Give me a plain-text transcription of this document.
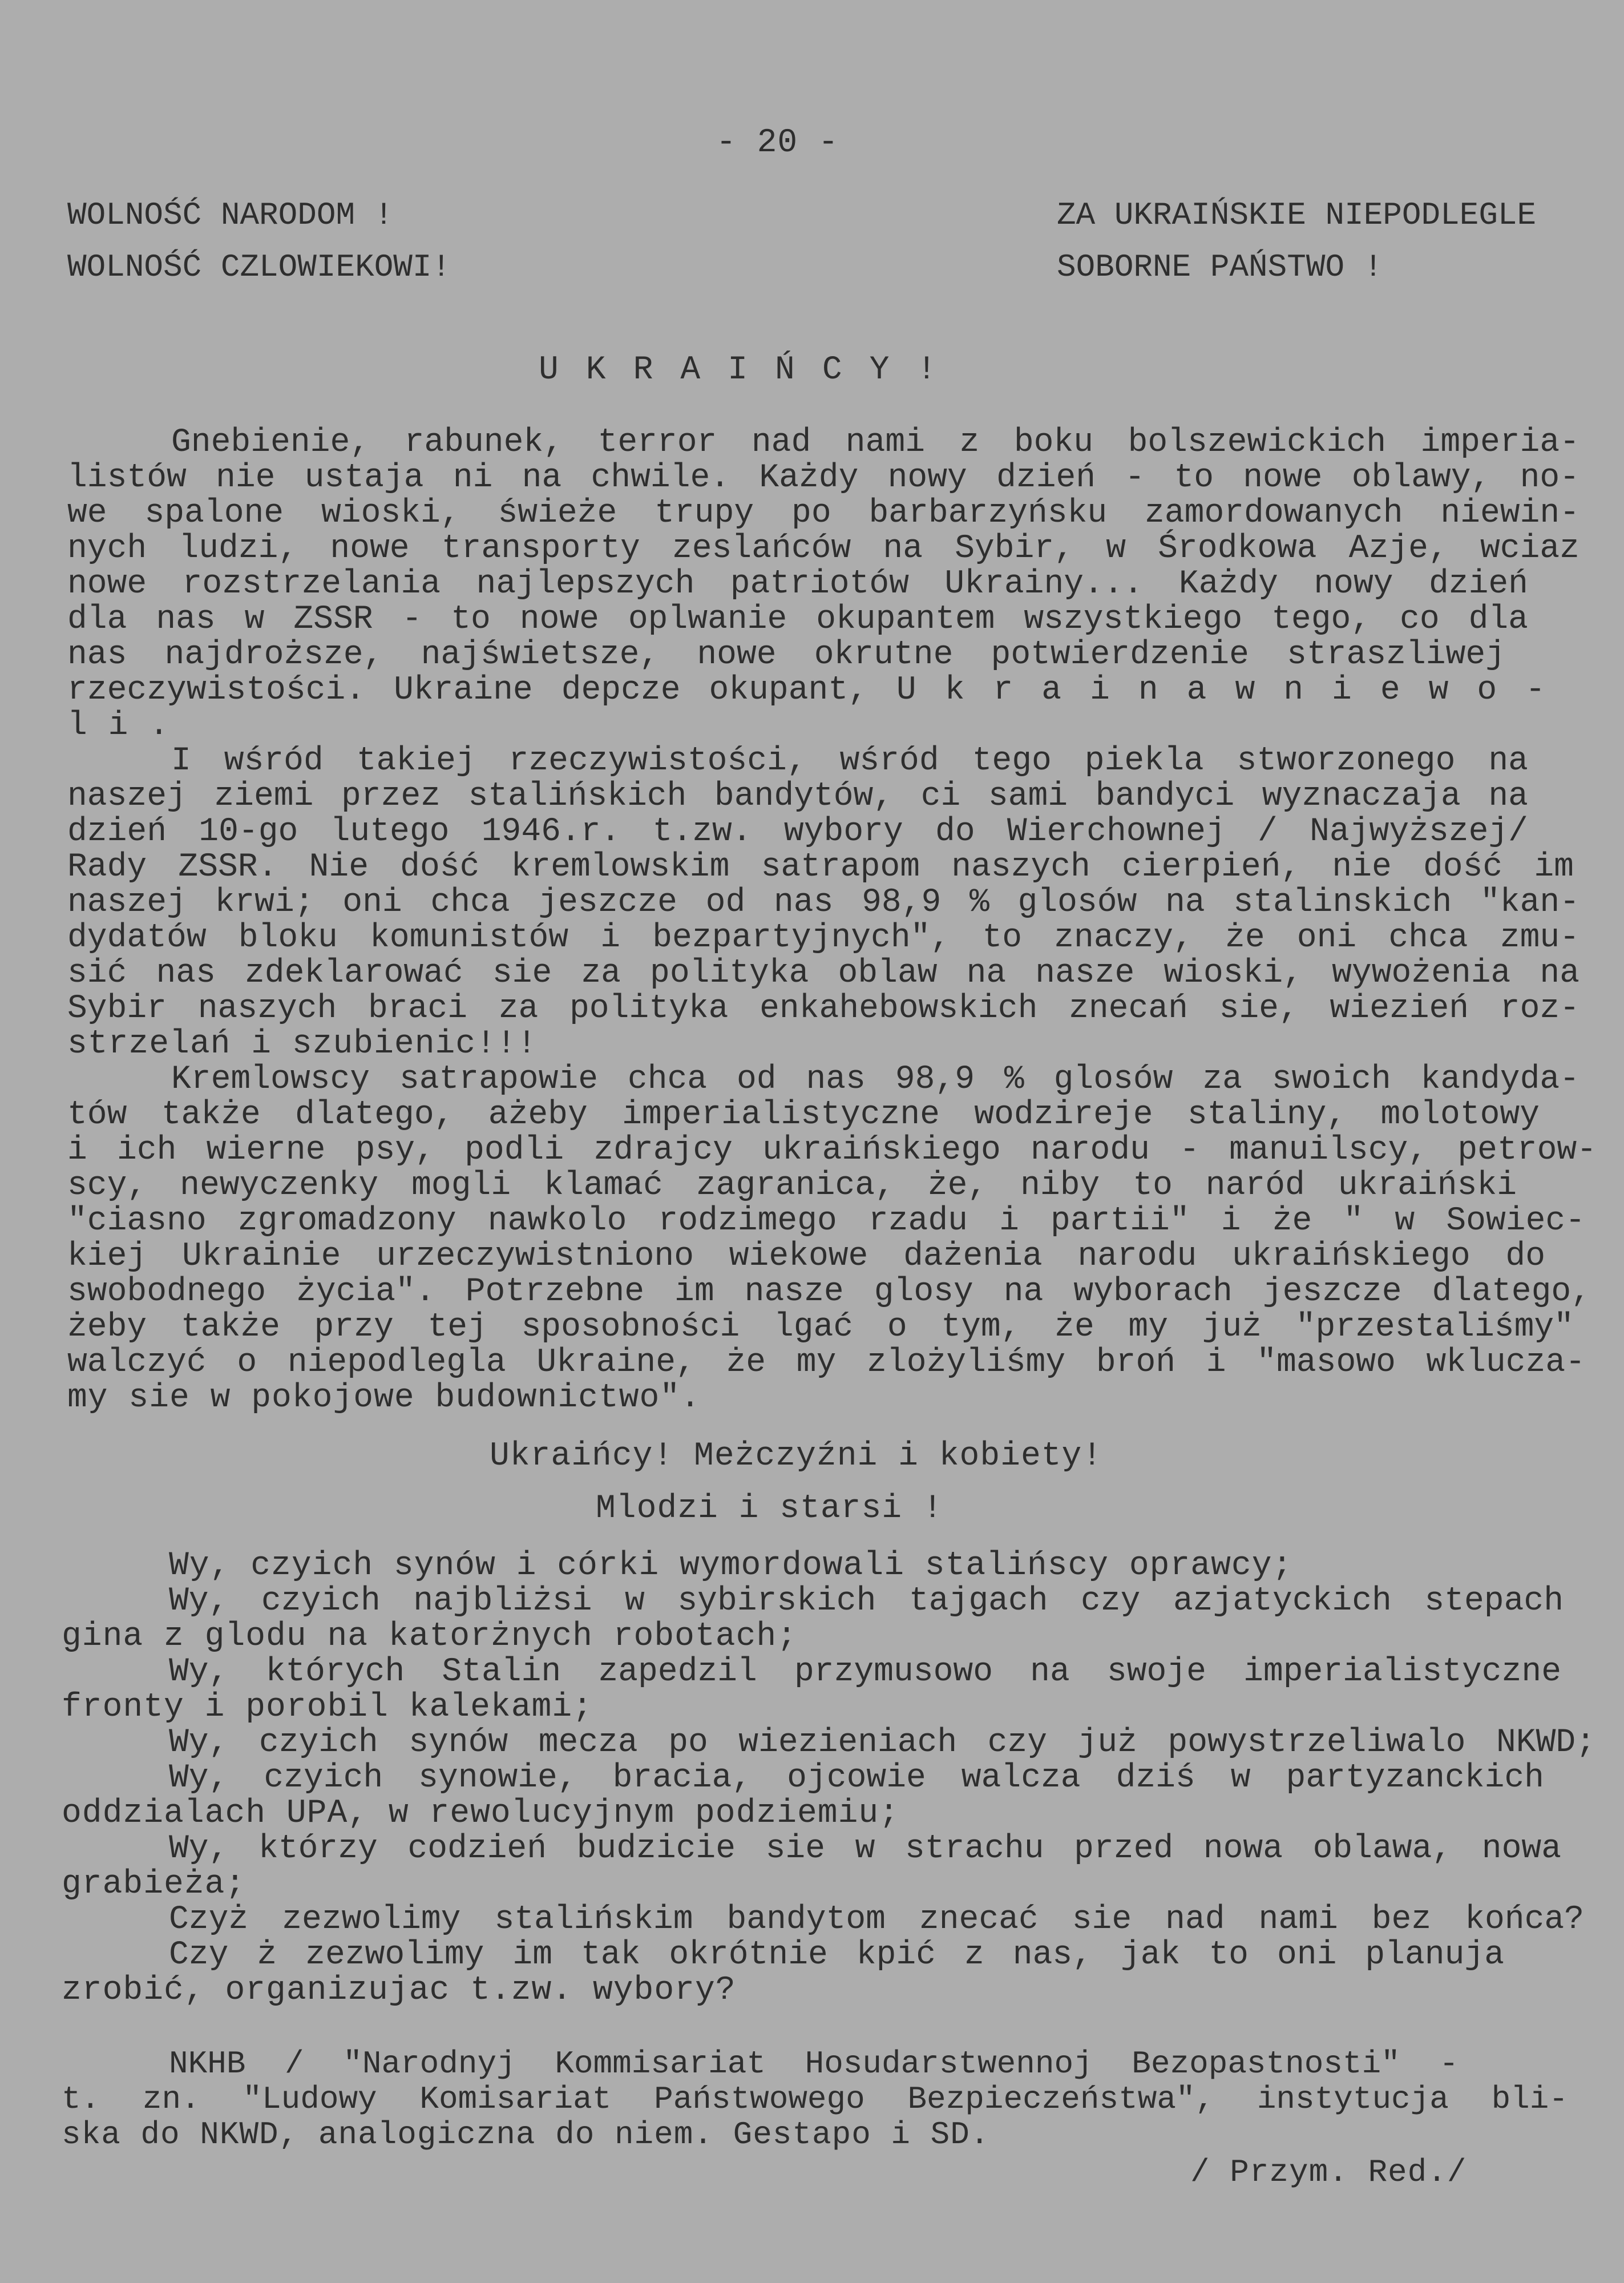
- 20 -
WOLNOŚĆ NARODOM !
WOLNOŚĆ CZLOWIEKOWI!
ZA UKRAIŃSKIE NIEPODLEGLE
SOBORNE PAŃSTWO !
UKRAIŃCY!
Gnebienie, rabunek, terror nad nami z boku bolszewickich imperia-
listów nie ustaja ni na chwile. Każdy nowy dzień - to nowe oblawy, no-
we spalone wioski, świeże trupy po barbarzyńsku zamordowanych niewin-
nych ludzi, nowe transporty zeslańców na Sybir, w Środkowa Azje, wciaz
nowe rozstrzelania najlepszych patriotów Ukrainy... Każdy nowy dzień
dla nas w ZSSR - to nowe oplwanie okupantem wszystkiego tego, co dla
nas najdroższe, najświetsze, nowe okrutne potwierdzenie straszliwej
rzeczywistości. Ukraine depcze okupant, U k r a i n a w n i e w o -
l i .
I wśród takiej rzeczywistości, wśród tego piekla stworzonego na
naszej ziemi przez stalińskich bandytów, ci sami bandyci wyznaczaja na
dzień 10-go lutego 1946.r. t.zw. wybory do Wierchownej / Najwyższej/
Rady ZSSR. Nie dość kremlowskim satrapom naszych cierpień, nie dość im
naszej krwi; oni chca jeszcze od nas 98,9 % glosów na stalinskich "kan-
dydatów bloku komunistów i bezpartyjnych", to znaczy, że oni chca zmu-
sić nas zdeklarować sie za polityka oblaw na nasze wioski, wywożenia na
Sybir naszych braci za polityka enkahebowskich znecań sie, wiezień roz-
strzelań i szubienic!!!
Kremlowscy satrapowie chca od nas 98,9 % glosów za swoich kandyda-
tów także dlatego, ażeby imperialistyczne wodzireje staliny, molotowy
i ich wierne psy, podli zdrajcy ukraińskiego narodu - manuilscy, petrow-
scy, newyczenky mogli klamać zagranica, że, niby to naród ukraiński
"ciasno zgromadzony nawkolo rodzimego rzadu i partii" i że " w Sowiec-
kiej Ukrainie urzeczywistniono wiekowe dażenia narodu ukraińskiego do
swobodnego życia". Potrzebne im nasze glosy na wyborach jeszcze dlatego,
żeby także przy tej sposobności lgać o tym, że my już "przestaliśmy"
walczyć o niepodlegla Ukraine, że my zlożyliśmy broń i "masowo wklucza-
my sie w pokojowe budownictwo".
Ukraińcy! Meżczyźni i kobiety!
Mlodzi i starsi !
Wy, czyich synów i córki wymordowali stalińscy oprawcy;
Wy, czyich najbliżsi w sybirskich tajgach czy azjatyckich stepach
gina z glodu na katorżnych robotach;
Wy, których Stalin zapedzil przymusowo na swoje imperialistyczne
fronty i porobil kalekami;
Wy, czyich synów mecza po wiezieniach czy już powystrzeliwalo NKWD;
Wy, czyich synowie, bracia, ojcowie walcza dziś w partyzanckich
oddzialach UPA, w rewolucyjnym podziemiu;
Wy, którzy codzień budzicie sie w strachu przed nowa oblawa, nowa
grabieża;
Czyż zezwolimy stalińskim bandytom znecać sie nad nami bez końca?
Czy ż zezwolimy im tak okrótnie kpić z nas, jak to oni planuja
zrobić, organizujac t.zw. wybory?
NKHB / "Narodnyj Kommisariat Hosudarstwennoj Bezopastnosti" -
t. zn. "Ludowy Komisariat Państwowego Bezpieczeństwa", instytucja bli-
ska do NKWD, analogiczna do niem. Gestapo i SD.
/ Przym. Red./
